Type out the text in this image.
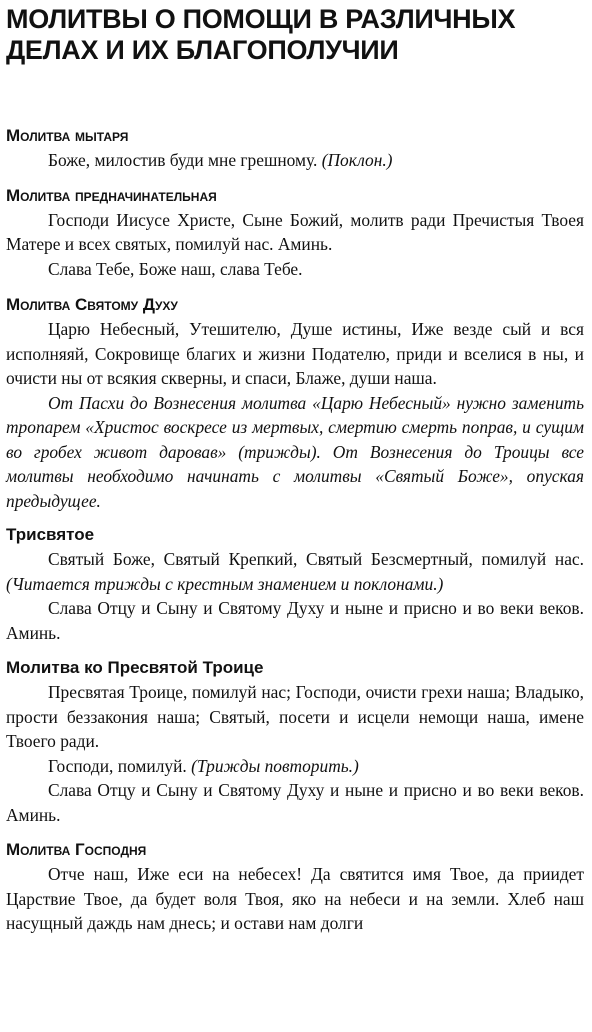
МОЛИТВЫ О ПОМОЩИ В РАЗЛИЧНЫХ
ДЕЛАХ И ИХ БЛАГОПОЛУЧИИ
Молитва мытаря

Боже, милостив буди мне грешному. (Поклон.)

Молитва предначинательная

Господи Иисусе Христе, Сыне Божий, молитв ради Пречистыя Твоея Матере и всех святых, помилуй нас. Аминь.

Слава Тебе, Боже наш, слава Тебе.

Молитва Святому Духу

Царю Небесный, Утешителю, Душе истины, Иже везде сый и вся исполняяй, Сокровище благих и жизни Подателю, приди и вселися в ны, и очисти ны от всякия скверны, и спаси, Блаже, души наша.

От Пасхи до Вознесения молитва «Царю Небесный» нужно заменить тропарем «Христос воскресе из мертвых, смертию смерть поправ, и сущим во гробех живот даровав» (трижды). От Вознесения до Троицы все молитвы необходимо начинать с молитвы «Святый Боже», опуская предыдущее.

Трисвятое

Святый Боже, Святый Крепкий, Святый Безсмертный, помилуй нас. (Читается трижды с крестным знамением и поклонами.)

Слава Отцу и Сыну и Святому Духу и ныне и присно и во веки веков. Аминь.

Молитва ко Пресвятой Троице

Пресвятая Троице, помилуй нас; Господи, очисти грехи наша; Владыко, прости беззакония наша; Святый, посети и исцели немощи наша, имене Твоего ради.

Господи, помилуй. (Трижды повторить.)

Слава Отцу и Сыну и Святому Духу и ныне и присно и во веки веков. Аминь.

Молитва Господня

Отче наш, Иже еси на небесех! Да святится имя Твое, да приидет Царствие Твое, да будет воля Твоя, яко на небеси и на земли. Хлеб наш насущный даждь нам днесь; и остави нам долги
